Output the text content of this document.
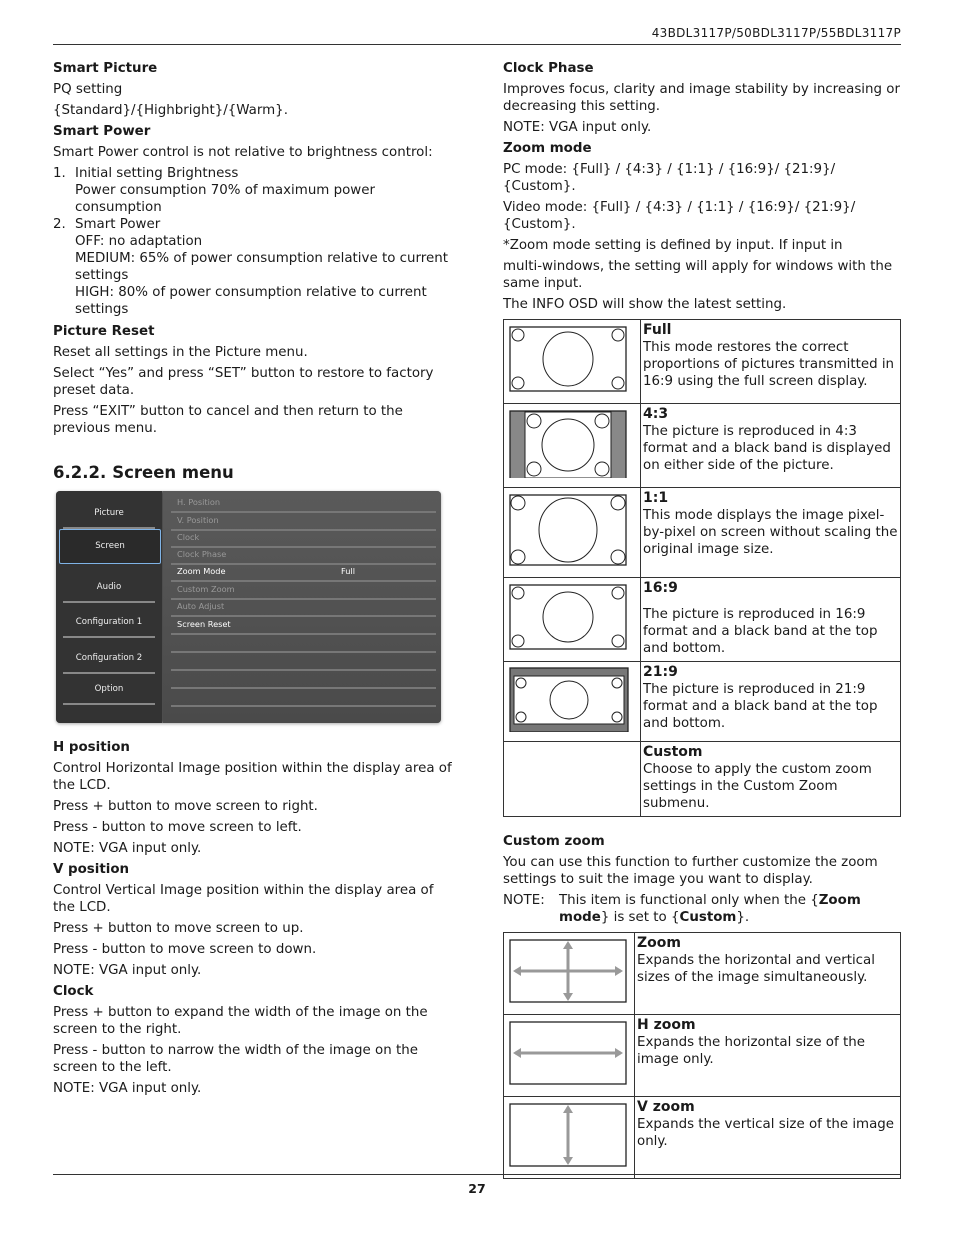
43BDL3117P/50BDL3117P/55BDL3117P
Smart Picture

PQ setting

{Standard}/{Highbright}/{Warm}.

Smart Power

Smart Power control is not relative to brightness control:

1. Initial setting Brightness
Power consumption 70% of maximum power consumption
2. Smart Power
OFF: no adaptation
MEDIUM: 65% of power consumption relative to current settings
HIGH: 80% of power consumption relative to current settings
Picture Reset

Reset all settings in the Picture menu.

Select “Yes” and press “SET” button to restore to factory preset data.

Press “EXIT” button to cancel and then return to the previous menu.

6.2.2. Screen menu
Picture
Screen
Audio
Configuration 1
Configuration 2
Option
H. Position
V. Position
Clock
Clock Phase
Zoom Mode	Full
Custom Zoom
Auto Adjust
Screen Reset
H position

Control Horizontal Image position within the display area of the LCD.

Press + button to move screen to right.

Press - button to move screen to left.

NOTE: VGA input only.

V position

Control Vertical Image position within the display area of the LCD.

Press + button to move screen to up.

Press - button to move screen to down.

NOTE: VGA input only.

Clock

Press + button to expand the width of the image on the screen to the right.

Press - button to narrow the width of the image on the screen to the left.

NOTE: VGA input only.

Clock Phase

Improves focus, clarity and image stability by increasing or decreasing this setting.

NOTE: VGA input only.

Zoom mode

PC mode: {Full} / {4:3} / {1:1} / {16:9}/ {21:9}/ {Custom}.

Video mode: {Full} / {4:3} / {1:1} / {16:9}/ {21:9}/ {Custom}.

*Zoom mode setting is defined by input. If input in

multi-windows, the setting will apply for windows with the same input.

The INFO OSD will show the latest setting.

	Full
This mode restores the correct proportions of pictures transmitted in 16:9 using the full screen display.
	4:3
The picture is reproduced in 4:3 format and a black band is displayed on either side of the picture.
	1:1
This mode displays the image pixel-by-pixel on screen without scaling the original image size.
	16:9
The picture is reproduced in 16:9 format and a black band at the top and bottom.
	21:9
The picture is reproduced in 21:9 format and a black band at the top and bottom.
	Custom
Choose to apply the custom zoom settings in the Custom Zoom submenu.
Custom zoom

You can use this function to further customize the zoom settings to suit the image you want to display.

NOTE:	This item is functional only when the {Zoom mode} is set to {Custom}.
	Zoom
Expands the horizontal and vertical sizes of the image simultaneously.
	H zoom
Expands the horizontal size of the image only.
	V zoom
Expands the vertical size of the image only.
27
